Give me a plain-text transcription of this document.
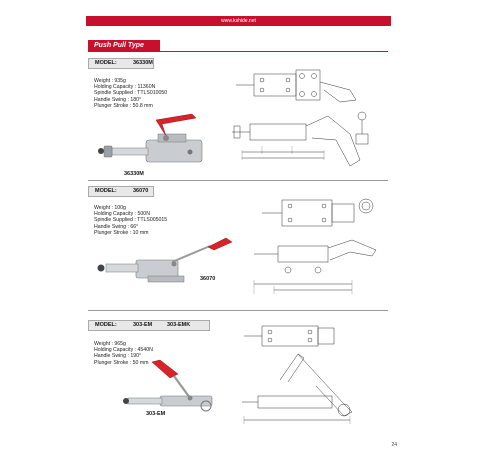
www.kshide.net
Push Pull Type
MODEL:	36330M
Weight : 935g
Holding Capacity : 11360N
Spindle Supplied : TTLS010050
Handle Swing : 180°
Plunger Stroke : 50.8 mm
36330M
MODEL:	36070
Weight : 100g
Holding Capacity : 500N
Spindle Supplied : TTLS005015
Handle Swing : 66°
Plunger Stroke : 10 mm
36070
MODEL:	303-EM	303-EMK
Weight : 965g
Holding Capacity : 4540N
Handle Swing : 190°
Plunger Stroke : 50 mm
303-EM
24
